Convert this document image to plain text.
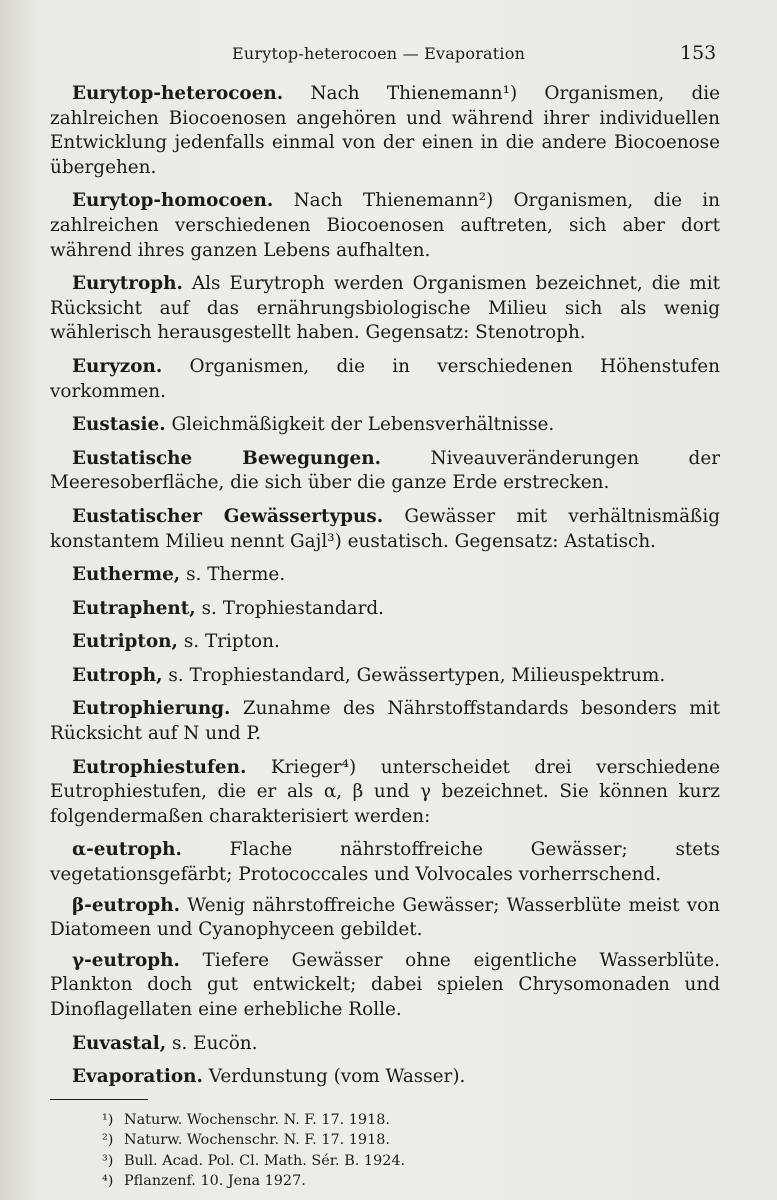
Eurytop-heterocoen — Evaporation	153

Eurytop-heterocoen. Nach Thienemann¹) Organismen, die zahlreichen Biocoenosen angehören und während ihrer individuellen Entwicklung jedenfalls einmal von der einen in die andere Biocoenose übergehen.

Eurytop-homocoen. Nach Thienemann²) Organismen, die in zahlreichen verschiedenen Biocoenosen auftreten, sich aber dort während ihres ganzen Lebens aufhalten.

Eurytroph. Als Eurytroph werden Organismen bezeichnet, die mit Rücksicht auf das ernährungsbiologische Milieu sich als wenig wählerisch herausgestellt haben. Gegensatz: Stenotroph.

Euryzon. Organismen, die in verschiedenen Höhenstufen vorkommen.

Eustasie. Gleichmäßigkeit der Lebensverhältnisse.

Eustatische Bewegungen.	Niveauveränderungen der Meeresoberfläche, die sich über die ganze Erde erstrecken.

Eustatischer Gewässertypus. Gewässer mit verhältnismäßig konstantem Milieu nennt Gajl³) eustatisch. Gegensatz: Astatisch.

Eutherme, s. Therme.

Eutraphent, s. Trophiestandard.

Eutripton, s. Tripton.

Eutroph, s. Trophiestandard, Gewässertypen, Milieuspektrum.

Eutrophierung. Zunahme des Nährstoffstandards besonders mit Rücksicht auf N und P.

Eutrophiestufen. Krieger⁴) unterscheidet drei verschiedene Eutrophiestufen, die er als α, β und γ bezeichnet. Sie können kurz folgendermaßen charakterisiert werden:

α-eutroph.	Flache nährstoffreiche Gewässer; stets vegetationsgefärbt; Protococcales und Volvocales vorherrschend.

β-eutroph. Wenig nährstoffreiche Gewässer; Wasserblüte meist von Diatomeen und Cyanophyceen gebildet.

γ-eutroph. Tiefere Gewässer ohne eigentliche Wasserblüte. Plankton doch gut entwickelt; dabei spielen Chrysomonaden und Dinoflagellaten eine erhebliche Rolle.

Euvastal, s. Eucön.

Evaporation. Verdunstung (vom Wasser).

¹) Naturw. Wochenschr. N. F. 17. 1918.
²) Naturw. Wochenschr. N. F. 17. 1918.
³) Bull. Acad. Pol. Cl. Math. Sér. B. 1924.
⁴) Pflanzenf. 10. Jena 1927.
